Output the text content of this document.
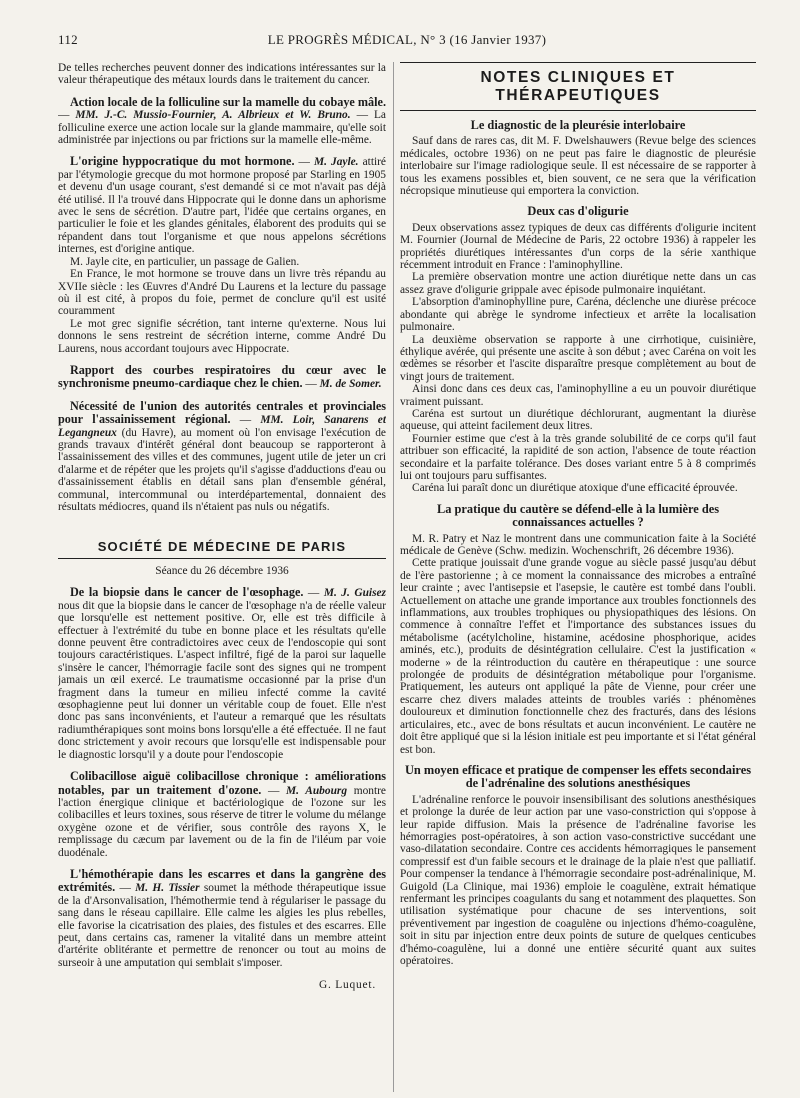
112	LE PROGRÈS MÉDICAL, N° 3 (16 Janvier 1937)

De telles recherches peuvent donner des indications intéressantes sur la valeur thérapeutique des métaux lourds dans le traitement du cancer.

Action locale de la folliculine sur la mamelle du cobaye mâle. — MM. J.-C. Mussio-Fournier, A. Albrieux et W. Bruno. — La folliculine exerce une action locale sur la glande mammaire, qu'elle soit administrée par injections ou par frictions sur la mamelle elle-même.

L'origine hyppocratique du mot hormone. — M. Jayle. attiré par l'étymologie grecque du mot hormone proposé par Starling en 1905 et devenu d'un usage courant, s'est demandé si ce mot n'avait pas déjà été utilisé. Il l'a trouvé dans Hippocrate qui le donne dans un aphorisme avec le sens de sécrétion. D'autre part, l'idée que certains organes, en particulier le foie et les glandes génitales, élaborent des produits qui se répandent dans tout l'organisme et que nous appelons sécrétions internes, est d'origine antique.

M. Jayle cite, en particulier, un passage de Galien.

En France, le mot hormone se trouve dans un livre très répandu au XVIIe siècle : les Œuvres d'André Du Laurens et la lecture du passage où il est cité, à propos du foie, permet de conclure qu'il est usité couramment

Le mot grec signifie sécrétion, tant interne qu'externe. Nous lui donnons le sens restreint de sécrétion interne, comme André Du Laurens, nous accordant toujours avec Hippocrate.

Rapport des courbes respiratoires du cœur avec le synchronisme pneumo-cardiaque chez le chien. — M. de Somer.

Nécessité de l'union des autorités centrales et provinciales pour l'assainissement régional. — MM. Loir, Sanarens et Legangneux (du Havre), au moment où l'on envisage l'exécution de grands travaux d'intérêt général dont beaucoup se rapporteront à l'assainissement des villes et des communes, jugent utile de jeter un cri d'alarme et de répéter que les projets qu'il s'agisse d'adductions d'eau ou d'assainissement établis en détail sans plan d'ensemble général, communal, intercommunal ou interdépartemental, donnaient des résultats médiocres, quand ils n'étaient pas nuls ou négatifs.

SOCIÉTÉ DE MÉDECINE DE PARIS
Séance du 26 décembre 1936

De la biopsie dans le cancer de l'œsophage. — M. J. Guisez nous dit que la biopsie dans le cancer de l'œsophage n'a de réelle valeur que lorsqu'elle est nettement positive. Or, elle est très difficile à effectuer à l'extrémité du tube en bonne place et les résultats qu'elle donne peuvent être contradictoires avec ceux de l'endoscopie qui sont toujours caractéristiques. L'aspect infiltré, figé de la paroi sur laquelle s'insère le cancer, l'hémorragie facile sont des signes qui ne trompent jamais un œil exercé. Le traumatisme occasionné par la prise d'un fragment dans la tumeur en milieu infecté comme la cavité œsophagienne peut lui donner un véritable coup de fouet. Elle n'est donc pas sans inconvénients, et l'auteur a remarqué que les résultats radiumthérapiques sont moins bons lorsqu'elle a été effectuée. Il ne faut donc strictement y avoir recours que lorsqu'elle est indispensable pour le diagnostic lorsqu'il y a doute pour l'endoscopie

Colibacillose aiguë colibacillose chronique : améliorations notables, par un traitement d'ozone. — M. Aubourg montre l'action énergique clinique et bactériologique de l'ozone sur les colibacilles et leurs toxines, sous réserve de titrer le volume du mélange oxygène ozone et de vérifier, sous contrôle des rayons X, le remplissage du cæcum par lavement ou de la fin de l'iléum par voie duodénale.

L'hémothérapie dans les escarres et dans la gangrène des extrémités. — M. H. Tissier soumet la méthode thérapeutique issue de la d'Arsonvalisation, l'hémothermie tend à régulariser le passage du sang dans le réseau capillaire. Elle calme les algies les plus rebelles, elle favorise la cicatrisation des plaies, des fistules et des escarres. Elle peut, dans certains cas, ramener la vitalité dans un membre atteint d'artérite oblitérante et permettre de renoncer ou tout au moins de surseoir à une amputation qui semblait s'imposer.

G. Luquet.
NOTES CLINIQUES ET THÉRAPEUTIQUES
Le diagnostic de la pleurésie interlobaire

Sauf dans de rares cas, dit M. F. Dwelshauwers (Revue belge des sciences médicales, octobre 1936) on ne peut pas faire le diagnostic de pleurésie interlobaire sur l'image radiologique seule. Il est nécessaire de se rapporter à tous les examens possibles et, bien souvent, ce ne sera que la vérification nécropsique minutieuse qui emportera la conviction.

Deux cas d'oligurie

Deux observations assez typiques de deux cas différents d'oligurie incitent M. Fournier (Journal de Médecine de Paris, 22 octobre 1936) à rappeler les propriétés diurétiques intéressantes d'un corps de la série xanthique récemment introduit en France : l'aminophylline.

La première observation montre une action diurétique nette dans un cas assez grave d'oligurie grippale avec épisode pulmonaire inquiétant.

L'absorption d'aminophylline pure, Caréna, déclenche une diurèse précoce abondante qui abrège le syndrome infectieux et arrête la localisation pulmonaire.

La deuxième observation se rapporte à une cirrhotique, cuisinière, éthylique avérée, qui présente une ascite à son début ; avec Caréna on voit les œdèmes se résorber et l'ascite disparaître presque complètement au bout de vingt jours de traitement.

Ainsi donc dans ces deux cas, l'aminophylline a eu un pouvoir diurétique vraiment puissant.

Caréna est surtout un diurétique déchlorurant, augmentant la diurèse aqueuse, qui atteint facilement deux litres.

Fournier estime que c'est à la très grande solubilité de ce corps qu'il faut attribuer son efficacité, la rapidité de son action, l'absence de toute réaction secondaire et la parfaite tolérance. Des doses variant entre 5 à 8 comprimés lui ont toujours paru suffisantes.

Caréna lui paraît donc un diurétique atoxique d'une efficacité éprouvée.

La pratique du cautère se défend-elle à la lumière des connaissances actuelles ?

M. R. Patry et Naz le montrent dans une communication faite à la Société médicale de Genève (Schw. medizin. Wochenschrift, 26 décembre 1936).

Cette pratique jouissait d'une grande vogue au siècle passé jusqu'au début de l'ère pastorienne ; à ce moment la connaissance des microbes a entraîné leur crainte ; avec l'antisepsie et l'asepsie, le cautère est tombé dans l'oubli. Actuellement on attache une grande importance aux troubles fonctionnels des inflammations, aux troubles trophiques ou physiopathiques des lésions. On commence à connaître l'effet et l'importance des substances issues du métabolisme (acétylcholine, histamine, acédosine phosphorique, acides aminés, etc.), produits de désintégration cellulaire. C'est la justification « moderne » de la réintroduction du cautère en thérapeutique : une source prolongée de produits de désintégration métabolique pour l'organisme. Pratiquement, les auteurs ont appliqué la pâte de Vienne, pour créer une escarre chez divers malades atteints de troubles variés : phénomènes douloureux et diminution fonctionnelle chez des fracturés, dans des lésions articulaires, etc., avec de bons résultats et aucun inconvénient. Le cautère ne doit être appliqué que si la lésion initiale est peu importante et si l'état général est bon.

Un moyen efficace et pratique de compenser les effets secondaires de l'adrénaline des solutions anesthésiques

L'adrénaline renforce le pouvoir insensibilisant des solutions anesthésiques et prolonge la durée de leur action par une vaso-constriction qui s'oppose à leur rapide diffusion. Mais la présence de l'adrénaline favorise les hémorragies post-opératoires, à son action vaso-constrictive succédant une vaso-dilatation secondaire. Contre ces accidents hémorragiques le pansement compressif est d'un faible secours et le drainage de la plaie n'est que palliatif. Pour compenser la tendance à l'hémorragie secondaire post-adrénalinique, M. Guigold (La Clinique, mai 1936) emploie le coagulène, extrait hématique renfermant les principes coagulants du sang et notamment des plaquettes. Son utilisation systématique pour chacune de ses interventions, soit préventivement par ingestion de coagulène ou injections d'hémo-coagulène, soit in situ par injection entre deux points de suture de quelques centicubes d'hémo-coagulène, lui a donné une entière sécurité quant aux suites opératoires.
